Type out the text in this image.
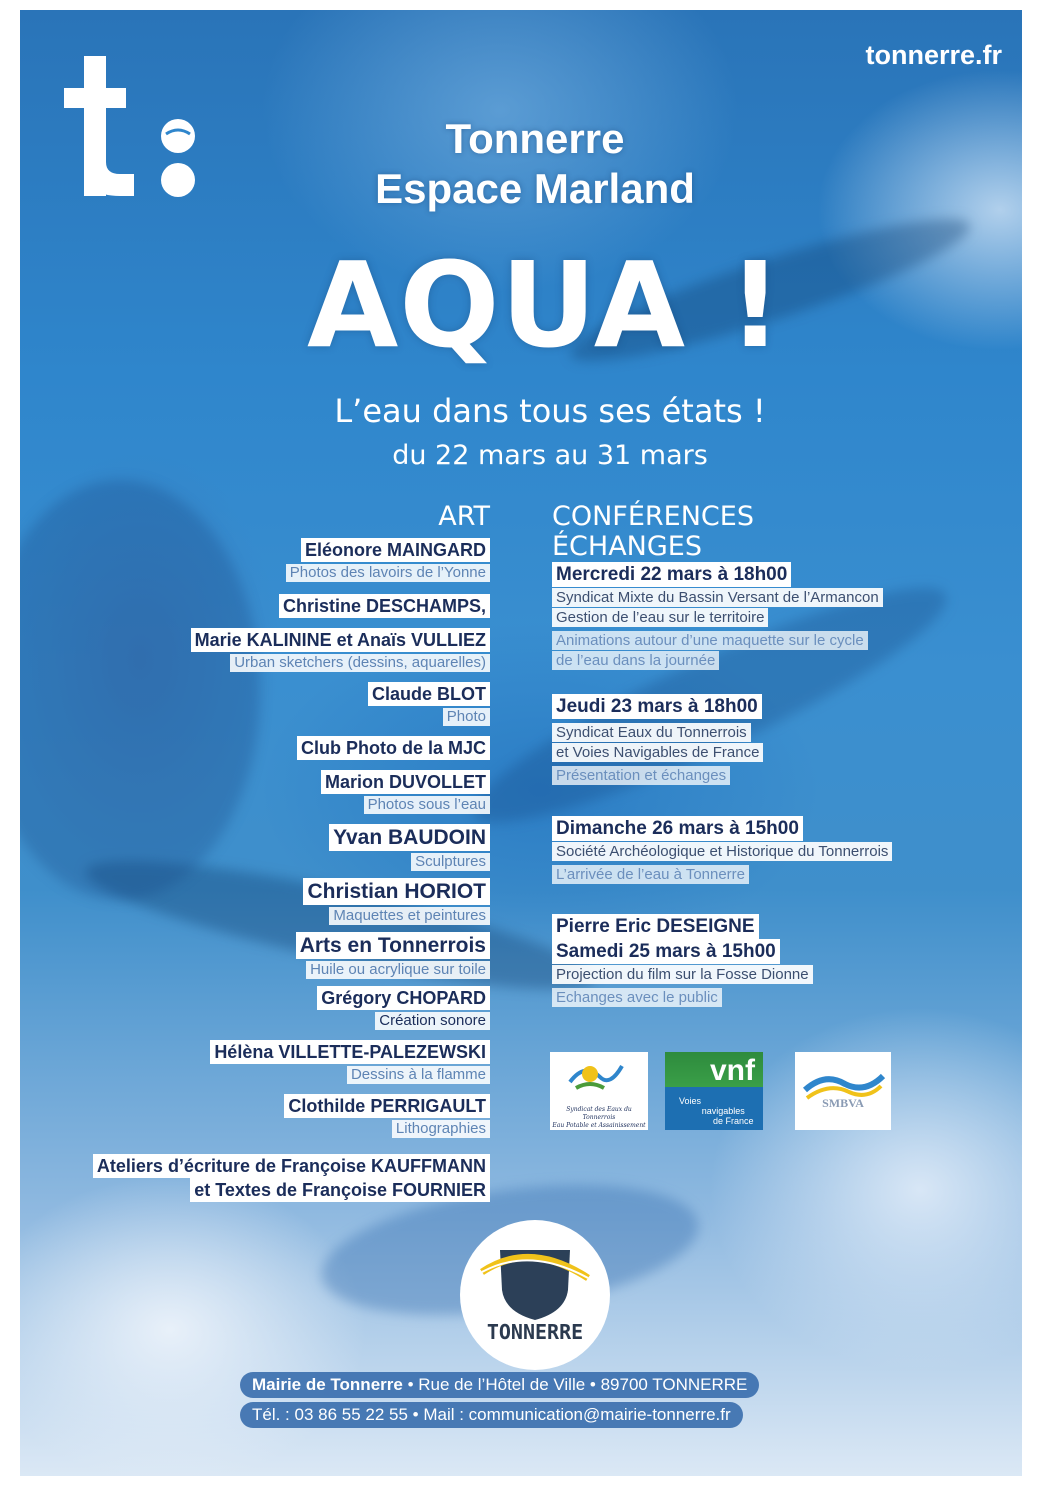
tonnerre.fr
Tonnerre
Espace Marland
AQUA !
L’eau dans tous ses états !
du 22 mars au 31 mars
ART
Eléonore MAINGARD
Photos des lavoirs de l’Yonne
Christine DESCHAMPS,
Marie KALININE et Anaïs VULLIEZ
Urban sketchers (dessins, aquarelles)
Claude BLOT
Photo
Club Photo de la MJC
Marion DUVOLLET
Photos sous l’eau
Yvan BAUDOIN
Sculptures
Christian HORIOT
Maquettes et peintures
Arts en Tonnerrois
Huile ou acrylique sur toile
Grégory CHOPARD
Création sonore
Hélèna VILLETTE-PALEZEWSKI
Dessins à la flamme
Clothilde PERRIGAULT
Lithographies
Ateliers d’écriture de Françoise KAUFFMANN
et Textes de Françoise FOURNIER
CONFÉRENCES
ÉCHANGES
Mercredi 22 mars à 18h00
Syndicat Mixte du Bassin Versant de l’Armancon
Gestion de l’eau sur le territoire
Animations autour d’une maquette sur le cycle
de l’eau dans la journée
Jeudi 23 mars à 18h00
Syndicat Eaux du Tonnerrois
et Voies Navigables de France
Présentation et échanges
Dimanche 26 mars à 15h00
Société Archéologique et Historique du Tonnerrois
L’arrivée de l’eau à Tonnerre
Pierre Eric DESEIGNE
Samedi 25 mars à 15h00
Projection du film sur la Fosse Dionne
Echanges avec le public
Syndicat des Eaux du Tonnerrois
Eau Potable et Assainissement
vnf
Voies
navigables
de France
SMBVA
TONNERRE
Mairie de Tonnerre • Rue de l’Hôtel de Ville • 89700 TONNERRE
Tél. : 03 86 55 22 55 • Mail : communication@mairie-tonnerre.fr
